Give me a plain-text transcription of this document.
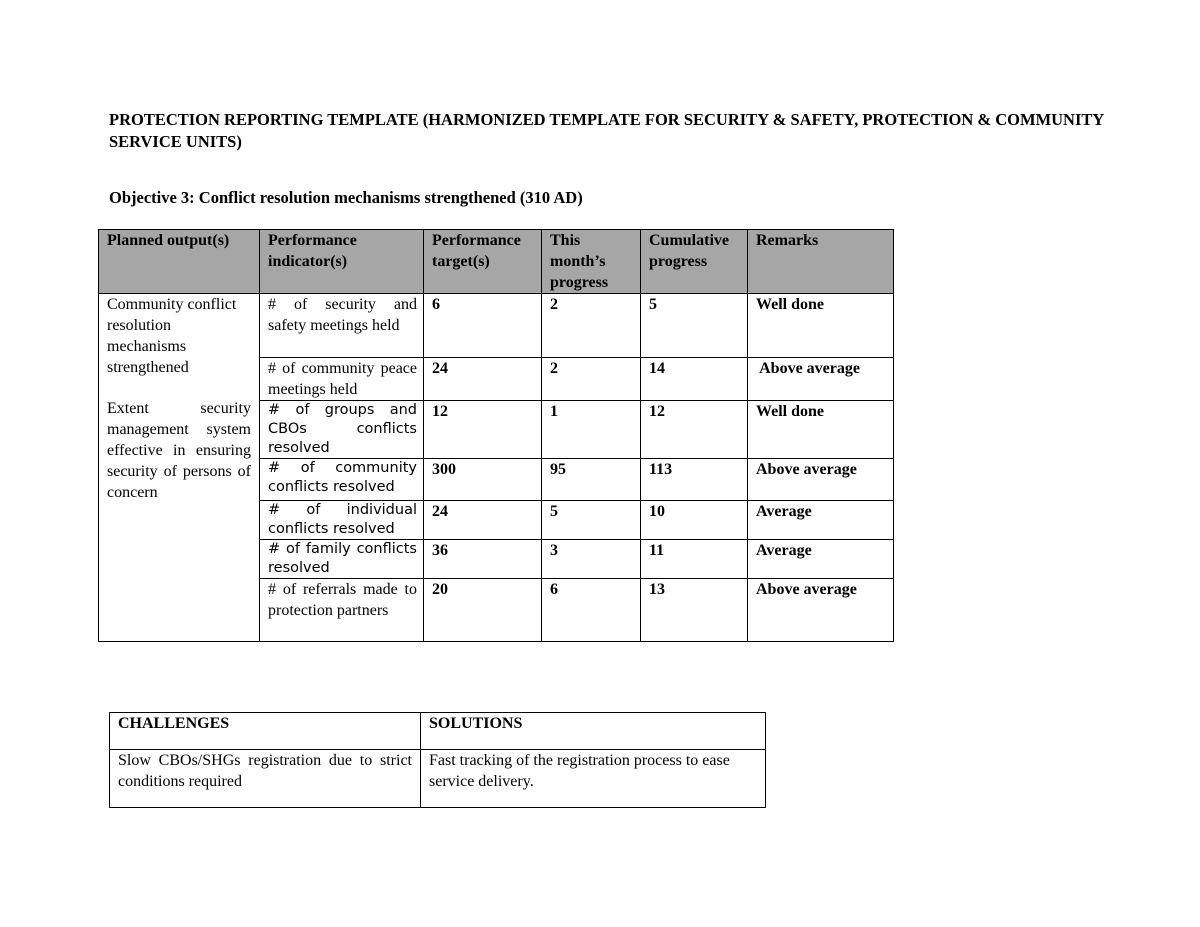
PROTECTION REPORTING TEMPLATE (HARMONIZED TEMPLATE FOR SECURITY & SAFETY, PROTECTION & COMMUNITY SERVICE UNITS)
Objective 3: Conflict resolution mechanisms strengthened (310 AD)
Planned output(s)	Performance indicator(s)	Performance target(s)	This month’s progress	Cumulative progress	Remarks

Community conflict resolution mechanisms strengthened

Extent security management system effective in ensuring security of persons of concern	# of security and safety meetings held	6	2	5	Well done
	# of community peace meetings held	24	2	14	Above average
	# of groups and CBOs conflicts resolved	12	1	12	Well done
	# of community conflicts resolved	300	95	113	Above average
	# of individual conflicts resolved	24	5	10	Average
	# of family conflicts resolved	36	3	11	Average
	# of referrals made to protection partners	20	6	13	Above average
CHALLENGES	SOLUTIONS
Slow CBOs/SHGs registration due to strict conditions required	Fast tracking of the registration process to ease service delivery.
